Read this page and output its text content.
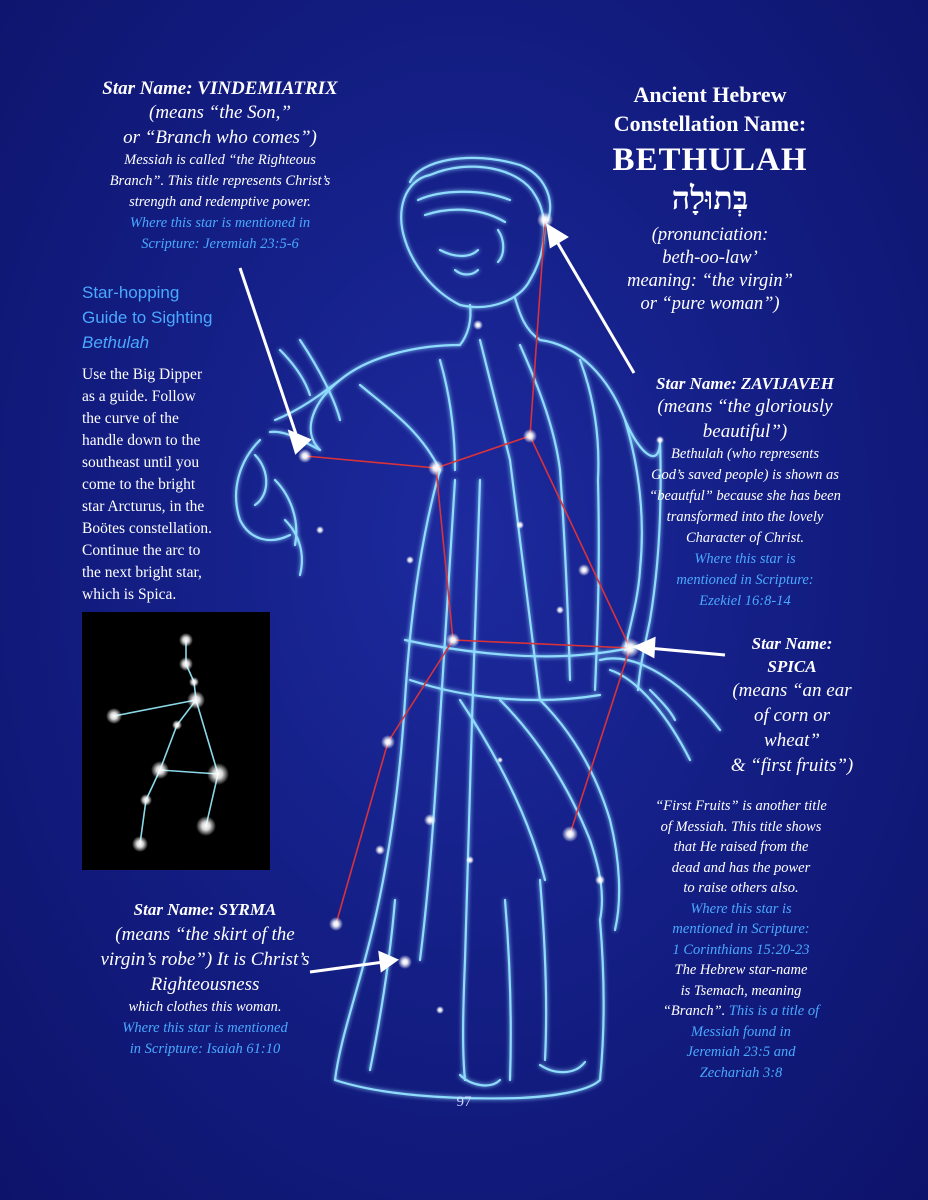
Star Name: VINDEMIATRIX
(means “the Son,”
or “Branch who comes”)
Messiah is called “the Righteous
Branch”. This title represents Christ’s
strength and redemptive power.
Where this star is mentioned in
Scripture: Jeremiah 23:5-6
Ancient Hebrew
Constellation Name:
BETHULAH
בְּתוּלָה
(pronunciation:
beth-oo-law’
meaning: “the virgin”
or “pure woman”)
Star-hopping
Guide to Sighting
Bethulah
Use the Big Dipper
as a guide. Follow
the curve of the
handle down to the
southeast until you
come to the bright
star Arcturus, in the
Boötes constellation.
Continue the arc to
the next bright star,
which is Spica.
Star Name: ZAVIJAVEH
(means “the gloriously
beautiful”)
Bethulah (who represents
God’s saved people) is shown as
“beautful” because she has been
transformed into the lovely
Character of Christ.
Where this star is
mentioned in Scripture:
Ezekiel 16:8-14
Star Name:
SPICA
(means “an ear
of corn or
wheat”
& “first fruits”)
“First Fruits” is another title
of Messiah. This title shows
that He raised from the
dead and has the power
to raise others also.
Where this star is
mentioned in Scripture:
1 Corinthians 15:20-23
The Hebrew star-name
is Tsemach, meaning
“Branch”. This is a title of
Messiah found in
Jeremiah 23:5 and
Zechariah 3:8
Star Name: SYRMA
(means “the skirt of the
virgin’s robe”) It is Christ’s
Righteousness
which clothes this woman.
Where this star is mentioned
in Scripture: Isaiah 61:10
97
